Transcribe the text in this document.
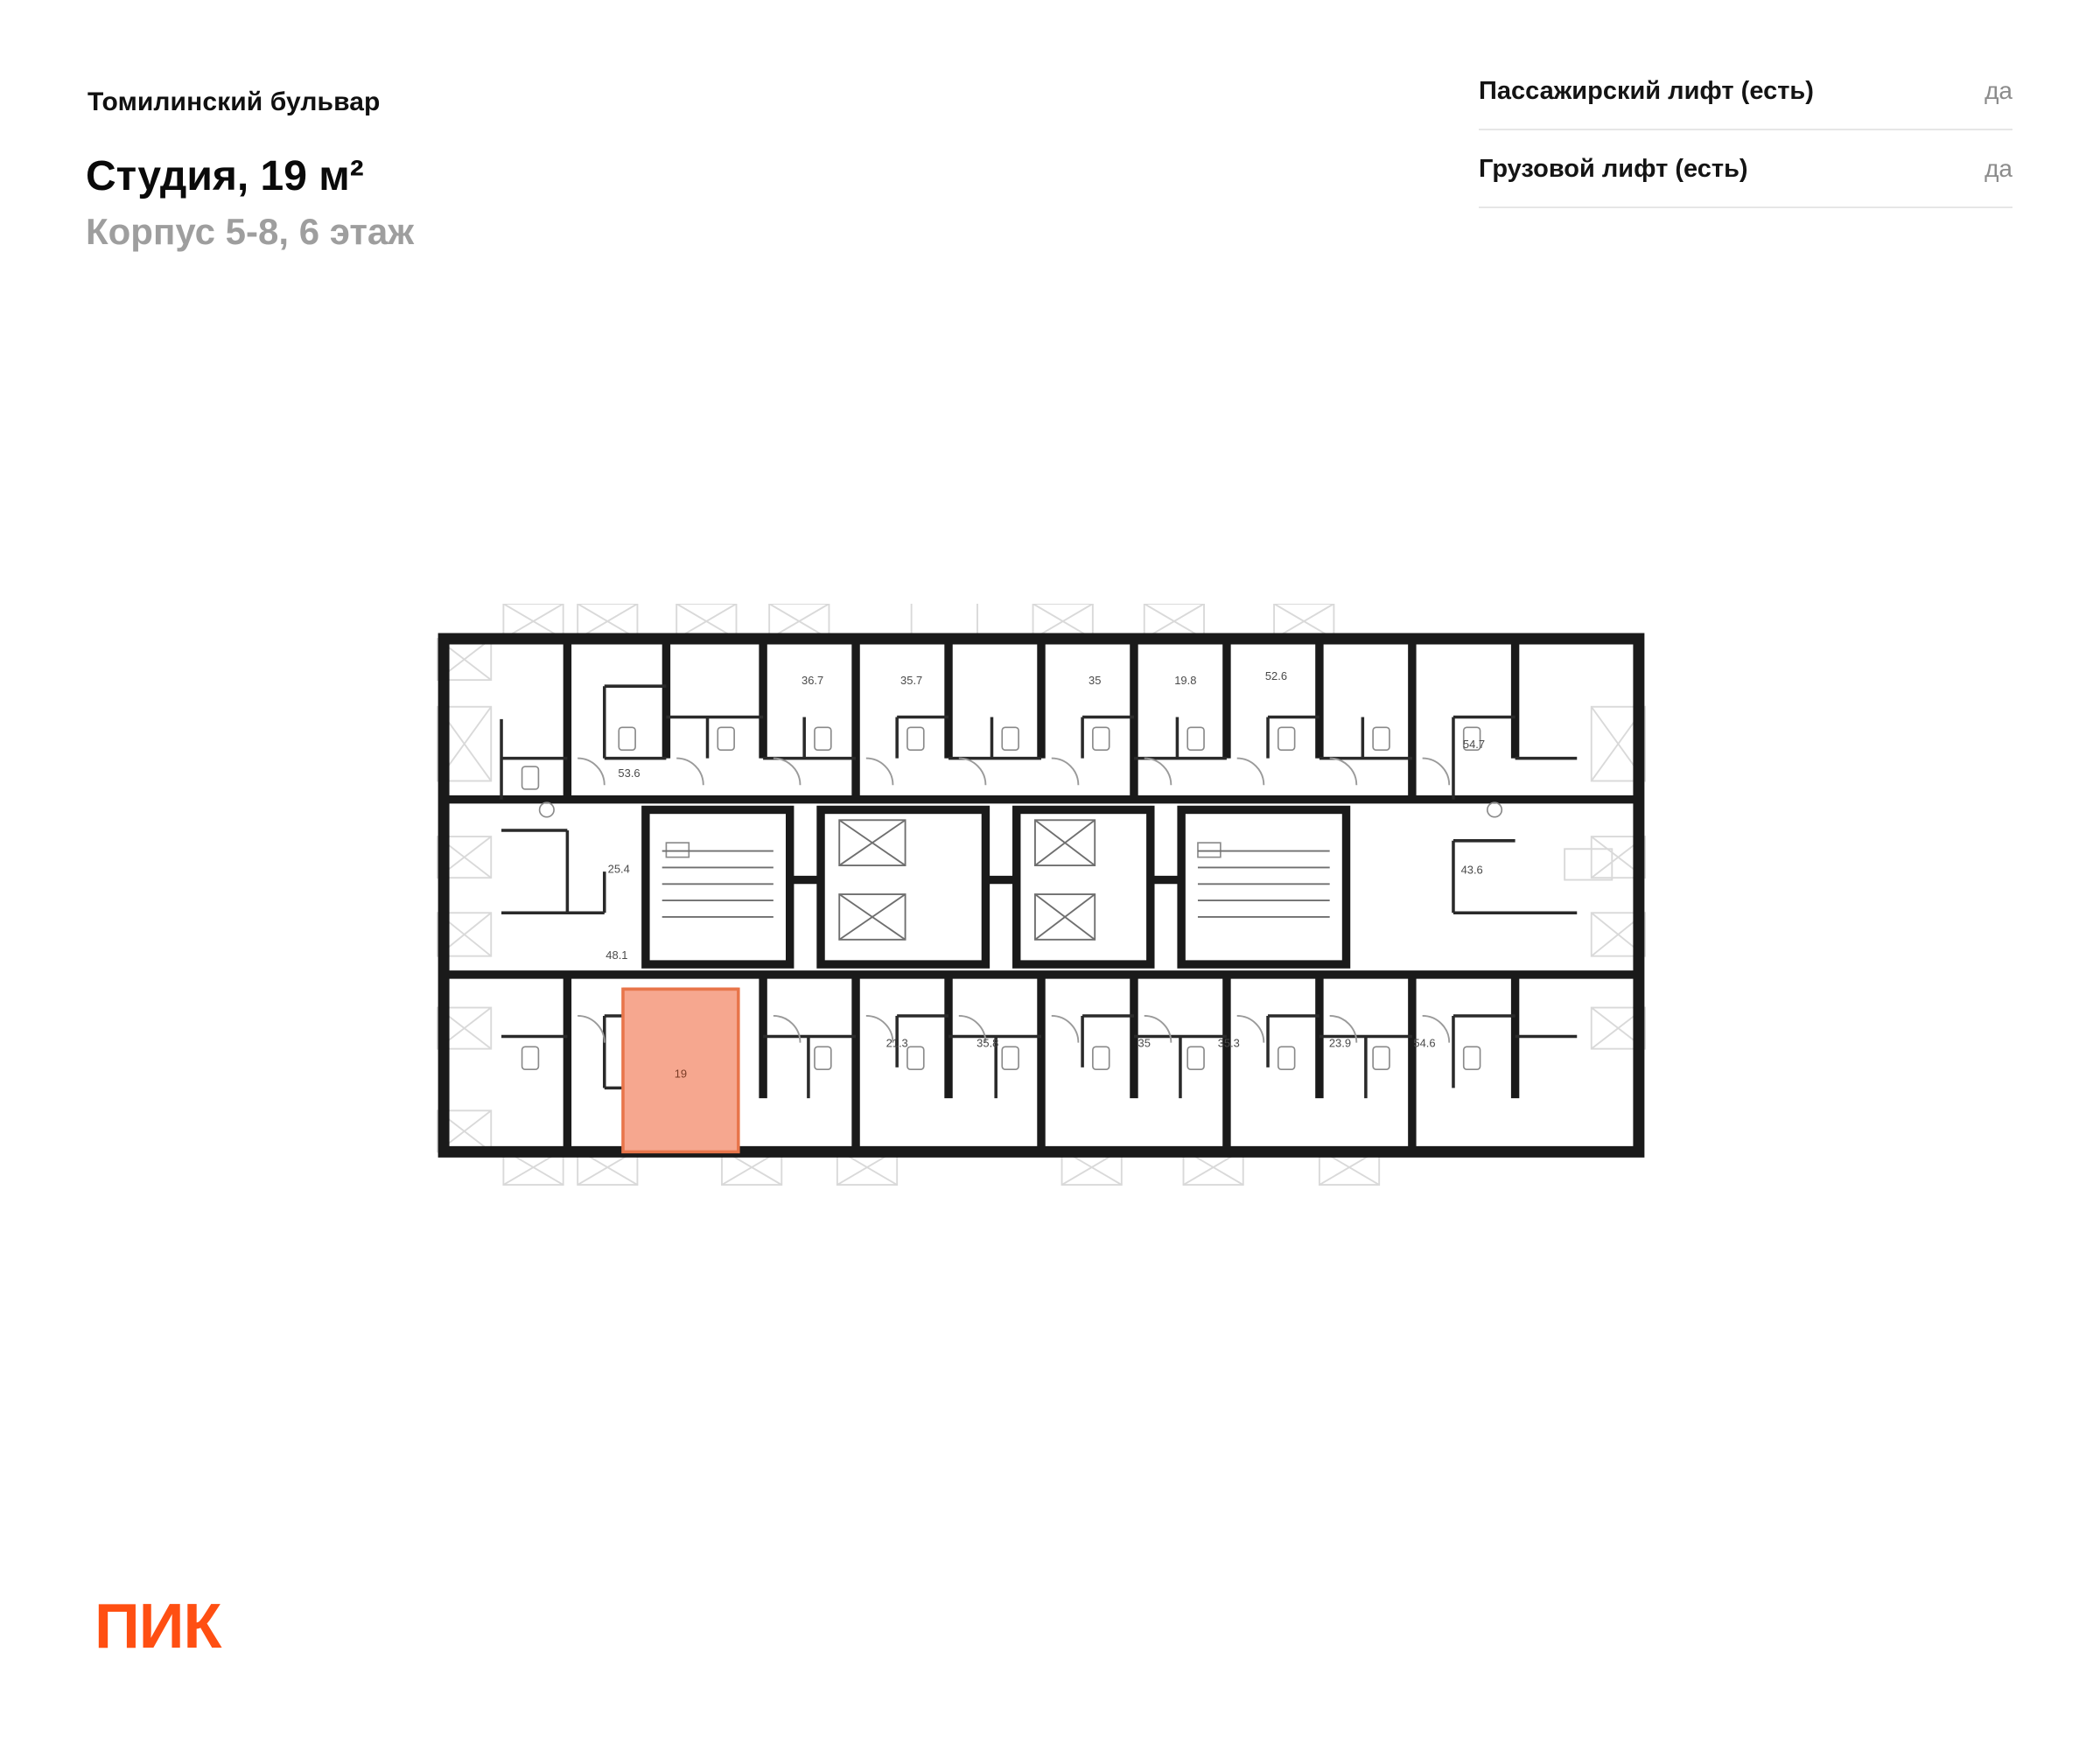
Томилинский бульвар
Студия, 19 м²
Корпус 5-8, 6 этаж
Пассажирский лифт (есть)	да
Грузовой лифт (есть)	да
19
36.7	35.7	35	19.8	52.6
54.7
53.6
25.4	43.6
48.1
21.3	35.8	35	35.3	23.9	54.6
ПИК
